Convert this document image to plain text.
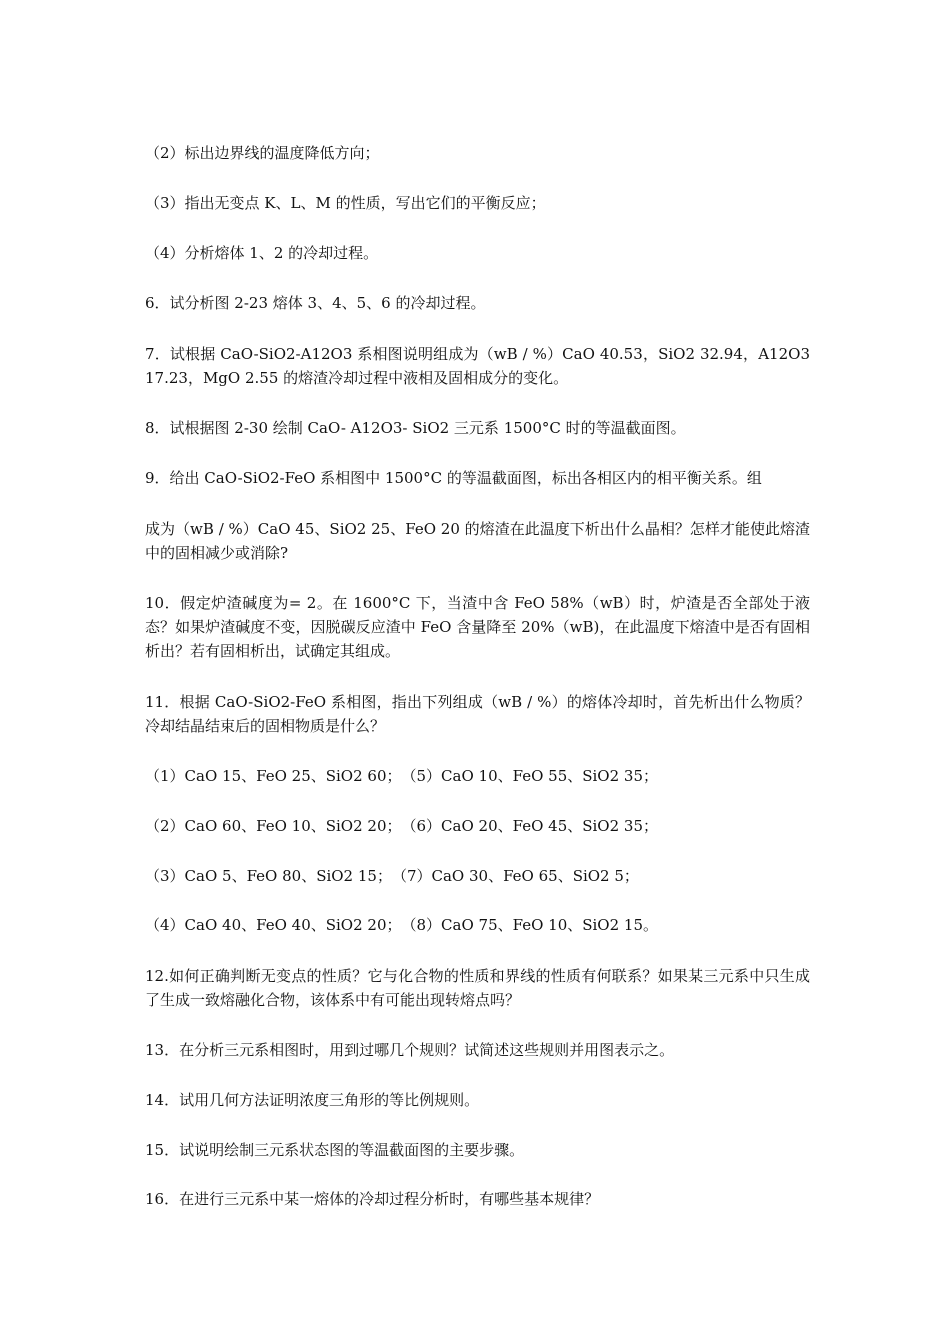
（2）标出边界线的温度降低方向；
（3）指出无变点 K、L、M 的性质，写出它们的平衡反应；
（4）分析熔体 1、2 的冷却过程。
6．试分析图 2-23 熔体 3、4、5、6 的冷却过程。
7．试根据 CaO-SiO2-A12O3 系相图说明组成为（wB / %）CaO 40.53，SiO2 32.94，A12O3 17.23，MgO 2.55 的熔渣冷却过程中液相及固相成分的变化。
8．试根据图 2-30 绘制 CaO- A12O3- SiO2 三元系 1500°C 时的等温截面图。
9．给出 CaO-SiO2-FeO 系相图中 1500°C 的等温截面图，标出各相区内的相平衡关系。组
成为（wB / %）CaO 45、SiO2 25、FeO 20 的熔渣在此温度下析出什么晶相？怎样才能使此熔渣中的固相减少或消除?
10．假定炉渣碱度为= 2。在 1600°C 下，当渣中含 FeO 58%（wB）时，炉渣是否全部处于液态？如果炉渣碱度不变，因脱碳反应渣中 FeO 含量降至 20%（wB)，在此温度下熔渣中是否有固相析出？若有固相析出，试确定其组成。
11．根据 CaO-SiO2-FeO 系相图，指出下列组成（wB / %）的熔体冷却时，首先析出什么物质？冷却结晶结束后的固相物质是什么？
（1）CaO 15、FeO 25、SiO2 60；　（5）CaO 10、FeO 55、SiO2 35；
（2）CaO 60、FeO 10、SiO2 20；　（6）CaO 20、FeO 45、SiO2 35；
（3）CaO 5、FeO 80、SiO2 15；　（7）CaO 30、FeO 65、SiO2 5；
（4）CaO 40、FeO 40、SiO2 20；　（8）CaO 75、FeO 10、SiO2 15。
12.如何正确判断无变点的性质？它与化合物的性质和界线的性质有何联系？如果某三元系中只生成了生成一致熔融化合物，该体系中有可能出现转熔点吗？
13．在分析三元系相图时，用到过哪几个规则？试简述这些规则并用图表示之。
14．试用几何方法证明浓度三角形的等比例规则。
15．试说明绘制三元系状态图的等温截面图的主要步骤。
16．在进行三元系中某一熔体的冷却过程分析时，有哪些基本规律？
